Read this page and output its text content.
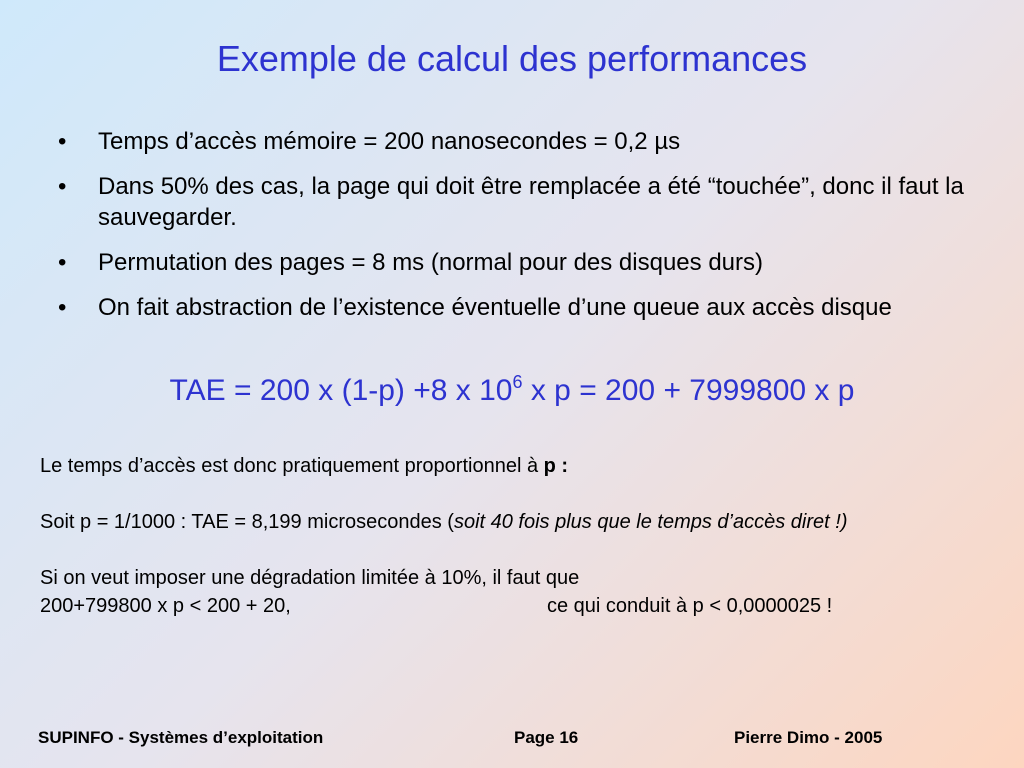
Exemple de calcul des performances
• Temps d’accès mémoire = 200 nanosecondes = 0,2 µs
• Dans 50% des cas, la page qui doit être remplacée a été “touchée”, donc il faut la sauvegarder.
• Permutation des pages = 8 ms (normal pour des disques durs)
• On fait abstraction de l’existence éventuelle d’une queue aux accès disque
TAE = 200 x (1-p) +8 x $10^6$ x p = 200 + 7999800 x p

Le temps d’accès est donc pratiquement proportionnel à p :

Soit p = 1/1000 : TAE = 8,199 microsecondes (soit 40 fois plus que le temps d’accès diret !)

Si on veut imposer une dégradation limitée à 10%, il faut que

200+799800 x p < 200 + 20,	ce qui conduit à p < 0,0000025 !
SUPINFO - Systèmes d’exploitation	Page 16	Pierre Dimo - 2005
